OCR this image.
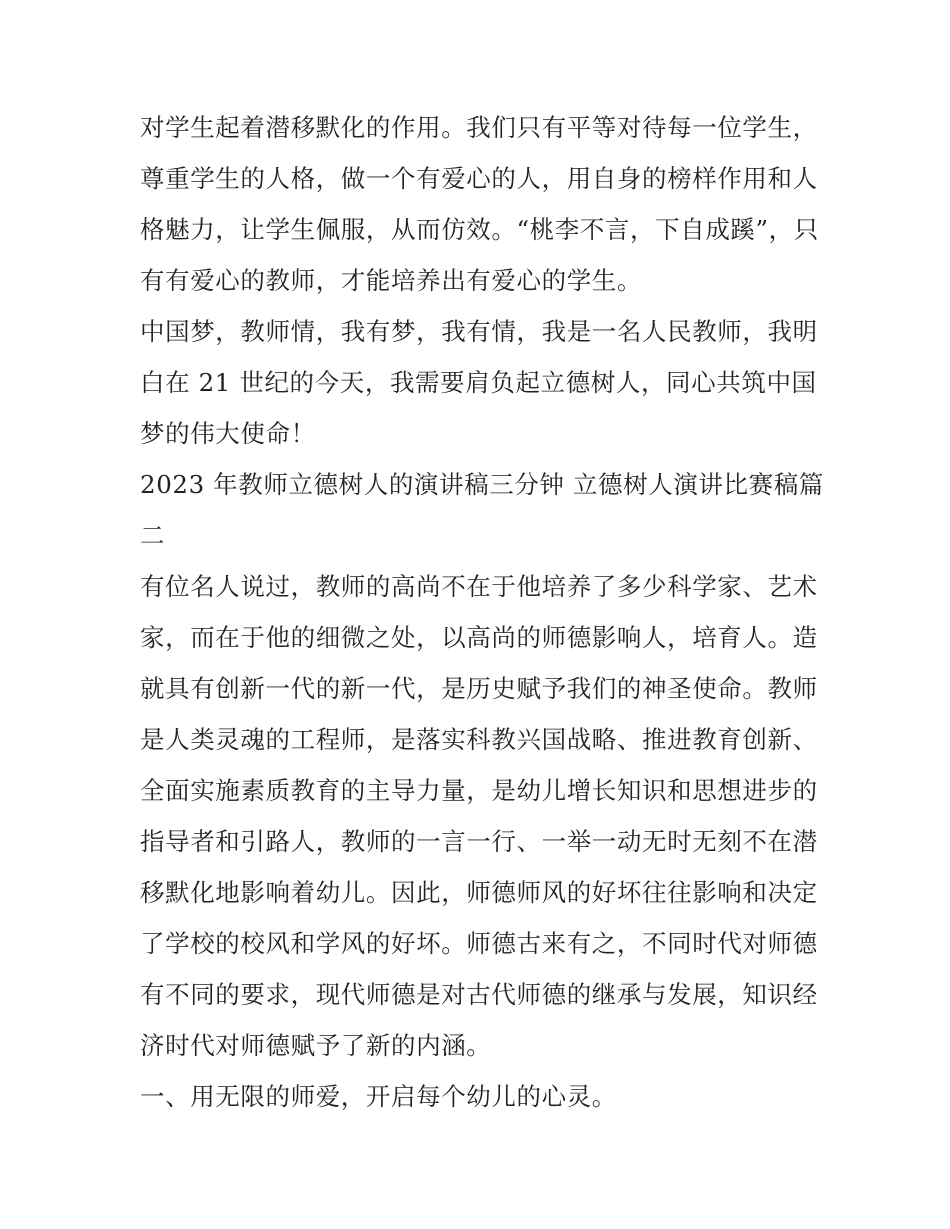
对学生起着潜移默化的作用。我们只有平等对待每一位学生，
尊重学生的人格，做一个有爱心的人，用自身的榜样作用和人
格魅力，让学生佩服，从而仿效。“桃李不言，下自成蹊”，只
有有爱心的教师，才能培养出有爱心的学生。
中国梦，教师情，我有梦，我有情，我是一名人民教师，我明
白在 21 世纪的今天，我需要肩负起立德树人，同心共筑中国
梦的伟大使命！
2023 年教师立德树人的演讲稿三分钟 立德树人演讲比赛稿篇
二
有位名人说过，教师的高尚不在于他培养了多少科学家、艺术
家，而在于他的细微之处，以高尚的师德影响人，培育人。造
就具有创新一代的新一代，是历史赋予我们的神圣使命。教师
是人类灵魂的工程师，是落实科教兴国战略、推进教育创新、
全面实施素质教育的主导力量，是幼儿增长知识和思想进步的
指导者和引路人，教师的一言一行、一举一动无时无刻不在潜
移默化地影响着幼儿。因此，师德师风的好坏往往影响和决定
了学校的校风和学风的好坏。师德古来有之，不同时代对师德
有不同的要求，现代师德是对古代师德的继承与发展，知识经
济时代对师德赋予了新的内涵。
一、用无限的师爱，开启每个幼儿的心灵。
